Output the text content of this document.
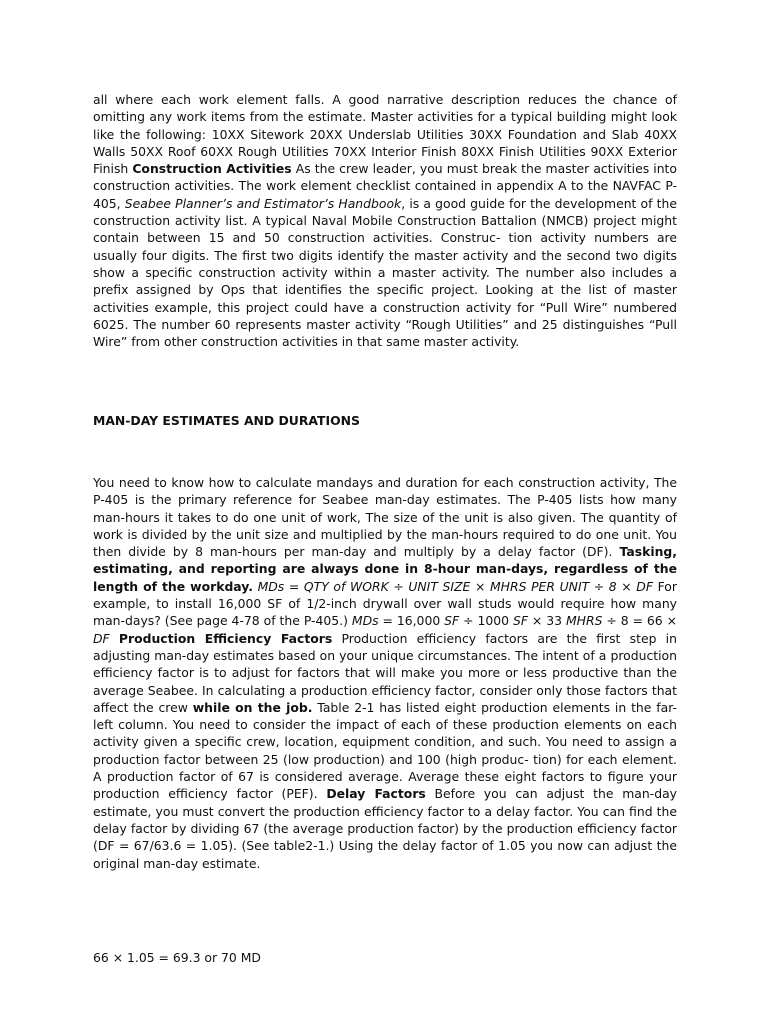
all where each work element falls. A good narrative description reduces the chance of omitting any work items from the estimate. Master activities for a typical building might look like the following: 10XX Sitework 20XX Underslab Utilities 30XX Foundation and Slab 40XX Walls 50XX Roof 60XX Rough Utilities 70XX Interior Finish 80XX Finish Utilities 90XX Exterior Finish Construction Activities As the crew leader, you must break the master activities into construction activities. The work element checklist contained in appendix A to the NAVFAC P-405, Seabee Planner’s and Estimator’s Handbook, is a good guide for the development of the construction activity list. A typical Naval Mobile Construction Battalion (NMCB) project might contain between 15 and 50 construction activities. Construc- tion activity numbers are usually four digits. The first two digits identify the master activity and the second two digits show a specific construction activity within a master activity. The number also includes a prefix assigned by Ops that identifies the specific project. Looking at the list of master activities example, this project could have a construction activity for “Pull Wire” numbered 6025. The number 60 represents master activity “Rough Utilities” and 25 distinguishes “Pull Wire” from other construction activities in that same master activity.

MAN-DAY ESTIMATES AND DURATIONS

You need to know how to calculate mandays and duration for each construction activity, The P-405 is the primary reference for Seabee man-day estimates. The P-405 lists how many man-hours it takes to do one unit of work, The size of the unit is also given. The quantity of work is divided by the unit size and multiplied by the man-hours required to do one unit. You then divide by 8 man-hours per man-day and multiply by a delay factor (DF). Tasking, estimating, and reporting are always done in 8-hour man-days, regardless of the length of the workday. MDs = QTY of WORK ÷ UNIT SIZE × MHRS PER UNIT ÷ 8 × DF For example, to install 16,000 SF of 1/2-inch drywall over wall studs would require how many man-days? (See page 4-78 of the P-405.) MDs = 16,000 SF ÷ 1000 SF × 33 MHRS ÷ 8 = 66 × DF Production Efficiency Factors Production efficiency factors are the first step in adjusting man-day estimates based on your unique circumstances. The intent of a production efficiency factor is to adjust for factors that will make you more or less productive than the average Seabee. In calculating a production efficiency factor, consider only those factors that affect the crew while on the job. Table 2-1 has listed eight production elements in the far-left column. You need to consider the impact of each of these production elements on each activity given a specific crew, location, equipment condition, and such. You need to assign a production factor between 25 (low production) and 100 (high produc- tion) for each element. A production factor of 67 is considered average. Average these eight factors to figure your production efficiency factor (PEF). Delay Factors Before you can adjust the man-day estimate, you must convert the production efficiency factor to a delay factor. You can find the delay factor by dividing 67 (the average production factor) by the production efficiency factor (DF = 67/63.6 = 1.05). (See table2-1.) Using the delay factor of 1.05 you now can adjust the original man-day estimate.

66 × 1.05 = 69.3 or 70 MD
